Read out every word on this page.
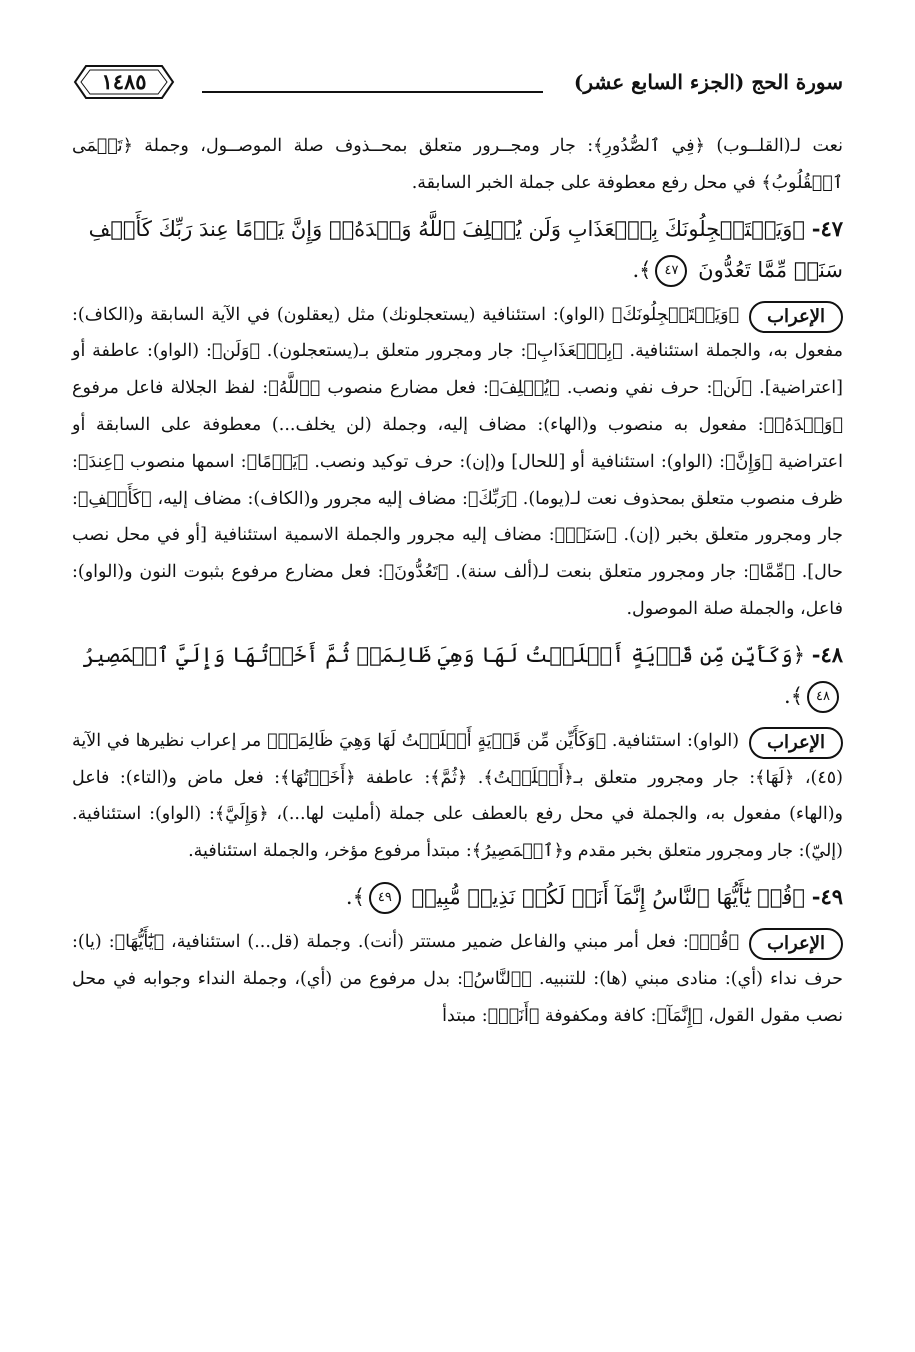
سورة الحج (الجزء السابع عشر)
١٤٨٥

نعت لـ(القلــوب) ﴿فِي ٱلصُّدُورِ﴾: جار ومجــرور متعلق بمحــذوف صلة الموصــول، وجملة ﴿تَعۡمَى ٱلۡقُلُوبُ﴾ في محل رفع معطوفة على جملة الخبر السابقة.

٤٧- ﴿وَيَسۡتَعۡجِلُونَكَ بِٱلۡعَذَابِ وَلَن يُخۡلِفَ ٱللَّهُ وَعۡدَهُۥۚ وَإِنَّ يَوۡمًا عِندَ رَبِّكَ كَأَلۡفِ سَنَةٖ مِّمَّا تَعُدُّونَ ٤٧﴾.

الإعراب
﴿وَيَسۡتَعۡجِلُونَكَ﴾ (الواو): استئنافية (يستعجلونك) مثل (يعقلون) في الآية السابقة و(الكاف): مفعول به، والجملة استئنافية. ﴿بِٱلۡعَذَابِ﴾: جار ومجرور متعلق بـ(يستعجلون). ﴿وَلَن﴾: (الواو): عاطفة أو [اعتراضية]. ﴿لَن﴾: حرف نفي ونصب. ﴿يُخۡلِفَ﴾: فعل مضارع منصوب ﴿ٱللَّهُ﴾: لفظ الجلالة فاعل مرفوع ﴿وَعۡدَهُۥ﴾: مفعول به منصوب و(الهاء): مضاف إليه، وجملة (لن يخلف...) معطوفة على السابقة أو اعتراضية ﴿وَإِنَّ﴾: (الواو): استئنافية أو [للحال] و(إن): حرف توكيد ونصب. ﴿يَوۡمًا﴾: اسمها منصوب ﴿عِندَ﴾: ظرف منصوب متعلق بمحذوف نعت لـ(يوما). ﴿رَبِّكَ﴾: مضاف إليه مجرور و(الكاف): مضاف إليه، ﴿كَأَلۡفِ﴾: جار ومجرور متعلق بخبر (إن). ﴿سَنَةٖ﴾: مضاف إليه مجرور والجملة الاسمية استئنافية [أو في محل نصب حال]. ﴿مِّمَّا﴾: جار ومجرور متعلق بنعت لـ(ألف سنة). ﴿تَعُدُّونَ﴾: فعل مضارع مرفوع بثبوت النون و(الواو): فاعل، والجملة صلة الموصول.

٤٨- ﴿وَكَأَيِّن مِّن قَرۡيَةٍ أَمۡلَيۡتُ لَهَا وَهِيَ ظَالِمَةٞ ثُمَّ أَخَذۡتُهَا وَإِلَيَّ ٱلۡمَصِيرُ ٤٨﴾.

الإعراب
(الواو): استئنافية. ﴿وَكَأَيِّن مِّن قَرۡيَةٍ أَمۡلَيۡتُ لَهَا وَهِيَ ظَالِمَةٞ﴾ مر إعراب نظيرها في الآية (٤٥)، ﴿لَهَا﴾: جار ومجرور متعلق بـ﴿أَمۡلَيۡتُ﴾. ﴿ثُمَّ﴾: عاطفة ﴿أَخَذۡتُهَا﴾: فعل ماض و(التاء): فاعل و(الهاء) مفعول به، والجملة في محل رفع بالعطف على جملة (أمليت لها...)، ﴿وَإِلَيَّ﴾: (الواو): استئنافية. (إليّ): جار ومجرور متعلق بخبر مقدم و﴿ٱلۡمَصِيرُ﴾: مبتدأ مرفوع مؤخر، والجملة استئنافية.

٤٩- ﴿قُلۡ يَٰٓأَيُّهَا ٱلنَّاسُ إِنَّمَآ أَنَا۠ لَكُمۡ نَذِيرٞ مُّبِينٞ ٤٩﴾.

الإعراب
﴿قُلۡ﴾: فعل أمر مبني والفاعل ضمير مستتر (أنت). وجملة (قل...) استئنافية، ﴿يَٰٓأَيُّهَا﴾: (يا): حرف نداء (أي): منادى مبني (ها): للتنبيه. ﴿ٱلنَّاسُ﴾: بدل مرفوع من (أي)، وجملة النداء وجوابه في محل نصب مقول القول، ﴿إِنَّمَآ﴾: كافة ومكفوفة ﴿أَنَا۠﴾: مبتدأ
